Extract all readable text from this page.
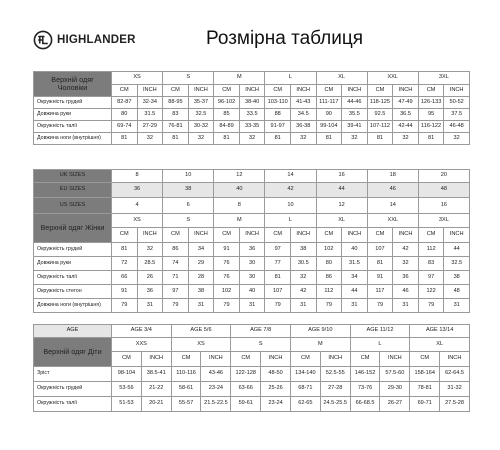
HIGHLANDER	Розмірна таблиця
Верхній одяг Чоловіки	XS		S		M		L		XL		XXL		3XL	
	CM	INCH	CM	INCH	CM	INCH	CM	INCH	CM	INCH	CM	INCH	CM	INCH
Окружність грудей	82-87	32-34	88-95	35-37	96-102	38-40	103-110	41-43	111-117	44-46	118-125	47-49	126-133	50-52
Довжина руки	80	31.5	83	32.5	85	33.5	88	34.5	90	35.5	92.5	36.5	95	37.5
Окружність талії	69-74	27-29	76-81	30-32	84-89	33-35	91-97	36-38	99-104	39-41	107-112	42-44	116-122	46-48
Довжина ноги (внутрішня)	81	32	81	32	81	32	81	32	81	32	81	32	81	32
UK SIZES	8		10		12		14		16		18		20	
EU SIZES	36		38		40		42		44		46		48	
US SIZES	4		6		8		10		12		14		16	
Верхній одяг Жінки	XS		S		M		L		XL		XXL		3XL	
	CM	INCH	CM	INCH	CM	INCH	CM	INCH	CM	INCH	CM	INCH	CM	INCH
Окружність грудей	81	32	86	34	91	36	97	38	102	40	107	42	112	44
Довжина руки	72	28.5	74	29	76	30	77	30.5	80	31.5	81	32	83	32.5
Окружність талії	66	26	71	28	76	30	81	32	86	34	91	36	97	38
Окружність стегон	91	36	97	38	102	40	107	42	112	44	117	46	122	48
Довжина ноги (внутрішня)	79	31	79	31	79	31	79	31	79	31	79	31	79	31
AGE	AGE 3/4		AGE 5/6		AGE 7/8		AGE 9/10		AGE 11/12		AGE 13/14	
Верхній одяг Діти	XXS		XS		S		M		L		XL	
	CM	INCH	CM	INCH	CM	INCH	CM	INCH	CM	INCH	CM	INCH
Зріст	98-104	38.5-41	110-116	43-46	122-128	48-50	134-140	52.5-55	146-152	57.5-60	158-164	62-64.5
Окружність грудей	53-56	21-22	58-61	23-24	63-66	25-26	68-71	27-28	73-76	29-30	78-81	31-32
Окружність талії	51-53	20-21	55-57	21.5-22.5	59-61	23-24	62-65	24.5-25.5	66-68.5	26-27	69-71	27.5-28
